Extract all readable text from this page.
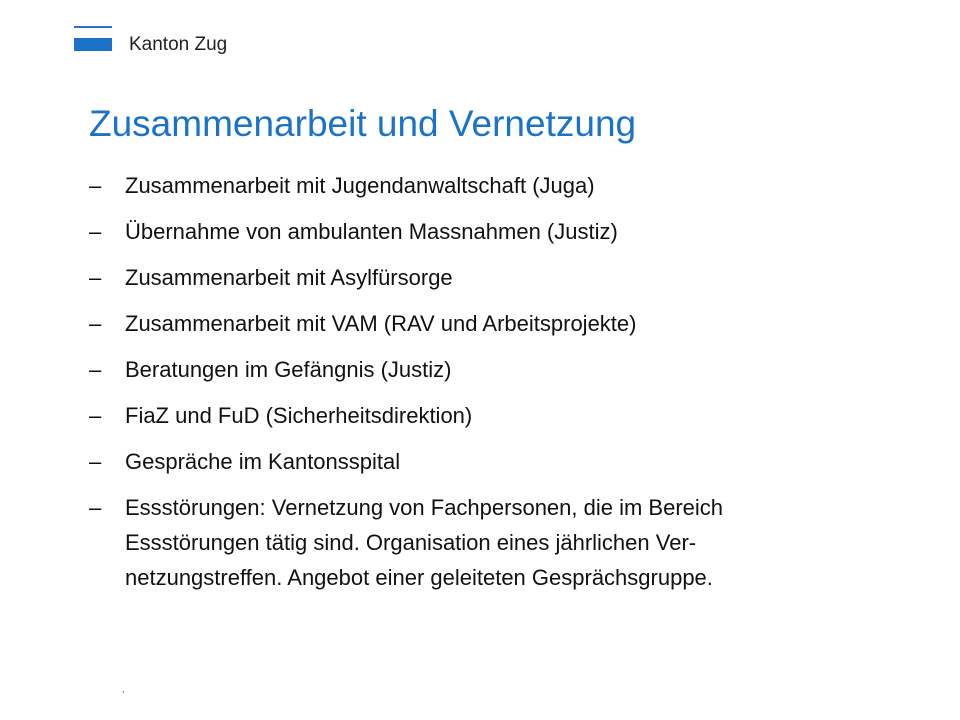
Kanton Zug
Zusammenarbeit und Vernetzung
– Zusammenarbeit mit Jugendanwaltschaft (Juga)
– Übernahme von ambulanten Massnahmen (Justiz)
– Zusammenarbeit mit Asylfürsorge
– Zusammenarbeit mit VAM (RAV und Arbeitsprojekte)
– Beratungen im Gefängnis (Justiz)
– FiaZ und FuD (Sicherheitsdirektion)
– Gespräche im Kantonsspital
– Essstörungen: Vernetzung von Fachpersonen, die im Bereich
Essstörungen tätig sind. Organisation eines jährlichen Ver-
netzungstreffen. Angebot einer geleiteten Gesprächsgruppe.
,
